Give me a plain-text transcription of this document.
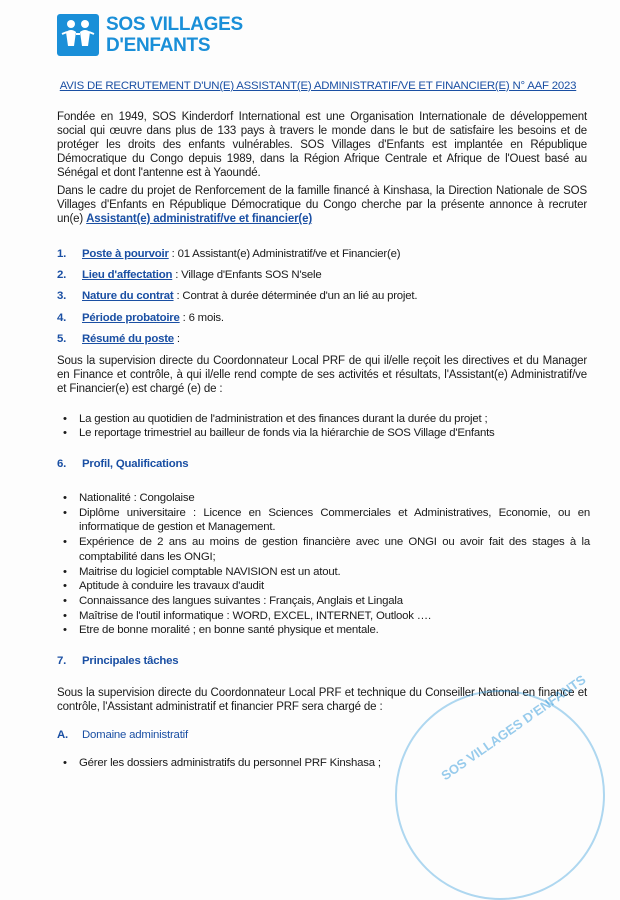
SOS VILLAGES
D'ENFANTS
AVIS DE RECRUTEMENT D'UN(E) ASSISTANT(E) ADMINISTRATIF/VE ET FINANCIER(E) N° AAF 2023
Fondée en 1949, SOS Kinderdorf International est une Organisation Internationale de développement social qui œuvre dans plus de 133 pays à travers le monde dans le but de satisfaire les besoins et de protéger les droits des enfants vulnérables. SOS Villages d'Enfants est implantée en République Démocratique du Congo depuis 1989, dans la Région Afrique Centrale et Afrique de l'Ouest basé au Sénégal et dont l'antenne est à Yaoundé.
Dans le cadre du projet de Renforcement de la famille financé à Kinshasa, la Direction Nationale de SOS Villages d'Enfants en République Démocratique du Congo cherche par la présente annonce à recruter un(e) Assistant(e) administratif/ve et financier(e)
1. Poste à pourvoir : 01 Assistant(e) Administratif/ve et Financier(e)
2. Lieu d'affectation : Village d'Enfants SOS N'sele
3. Nature du contrat : Contrat à durée déterminée d'un an lié au projet.
4. Période probatoire : 6 mois.
5. Résumé du poste :
Sous la supervision directe du Coordonnateur Local PRF de qui il/elle reçoit les directives et du Manager en Finance et contrôle, à qui il/elle rend compte de ses activités et résultats, l'Assistant(e) Administratif/ve et Financier(e) est chargé (e) de :
• La gestion au quotidien de l'administration et des finances durant la durée du projet ;
• Le reportage trimestriel au bailleur de fonds via la hiérarchie de SOS Village d'Enfants
6. Profil, Qualifications
• Nationalité : Congolaise
• Diplôme universitaire : Licence en Sciences Commerciales et Administratives, Economie, ou en informatique de gestion et Management.
• Expérience de 2 ans au moins de gestion financière avec une ONGI ou avoir fait des stages à la comptabilité dans les ONGI;
• Maitrise du logiciel comptable NAVISION est un atout.
• Aptitude à conduire les travaux d'audit
• Connaissance des langues suivantes : Français, Anglais et Lingala
• Maîtrise de l'outil informatique : WORD, EXCEL, INTERNET, Outlook ….
• Etre de bonne moralité ; en bonne santé physique et mentale.
7. Principales tâches
Sous la supervision directe du Coordonnateur Local PRF et technique du Conseiller National en finance et contrôle, l'Assistant administratif et financier PRF sera chargé de :
A. Domaine administratif
• Gérer les dossiers administratifs du personnel PRF Kinshasa ;	SOS VILLAGES D'ENFANTS
